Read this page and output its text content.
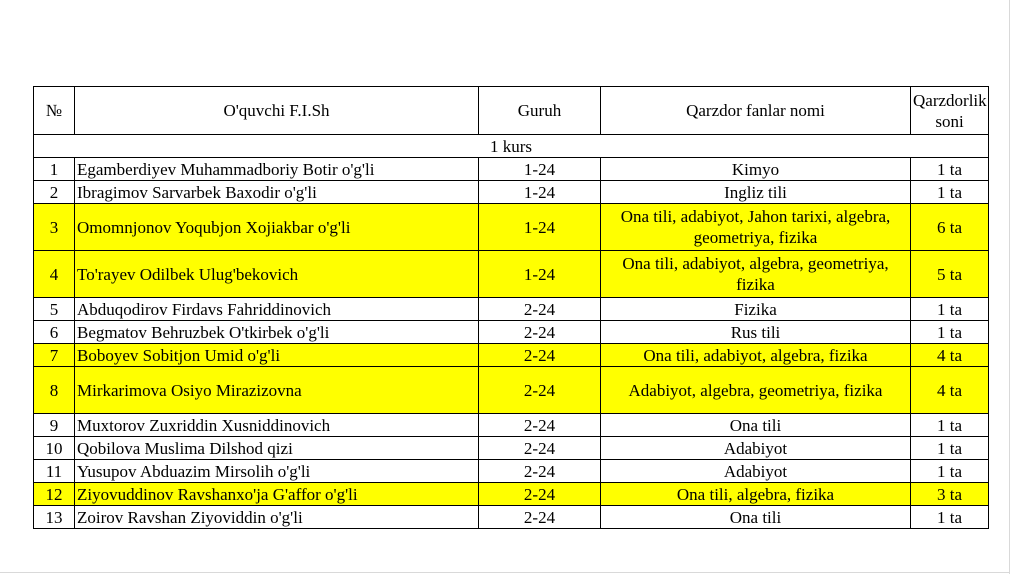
№	O'quvchi F.I.Sh	Guruh	Qarzdor fanlar nomi	Qarzdorlik soni
1 kurs				
1	Egamberdiyev Muhammadboriy Botir o'g'li	1-24	Kimyo	1 ta
2	Ibragimov Sarvarbek Baxodir o'g'li	1-24	Ingliz tili	1 ta
3	Omomnjonov Yoqubjon Xojiakbar o'g'li	1-24	Ona tili, adabiyot, Jahon tarixi, algebra, geometriya, fizika	6 ta
4	To'rayev Odilbek Ulug'bekovich	1-24	Ona tili, adabiyot, algebra, geometriya, fizika	5 ta
5	Abduqodirov Firdavs Fahriddinovich	2-24	Fizika	1 ta
6	Begmatov Behruzbek O'tkirbek o'g'li	2-24	Rus tili	1 ta
7	Boboyev Sobitjon Umid o'g'li	2-24	Ona tili, adabiyot, algebra, fizika	4 ta
8	Mirkarimova Osiyo Mirazizovna	2-24	Adabiyot, algebra, geometriya, fizika	4 ta
9	Muxtorov Zuxriddin Xusniddinovich	2-24	Ona tili	1 ta
10	Qobilova Muslima Dilshod qizi	2-24	Adabiyot	1 ta
11	Yusupov Abduazim Mirsolih o'g'li	2-24	Adabiyot	1 ta
12	Ziyovuddinov Ravshanxo'ja G'affor o'g'li	2-24	Ona tili, algebra, fizika	3 ta
13	Zoirov Ravshan Ziyoviddin o'g'li	2-24	Ona tili	1 ta
